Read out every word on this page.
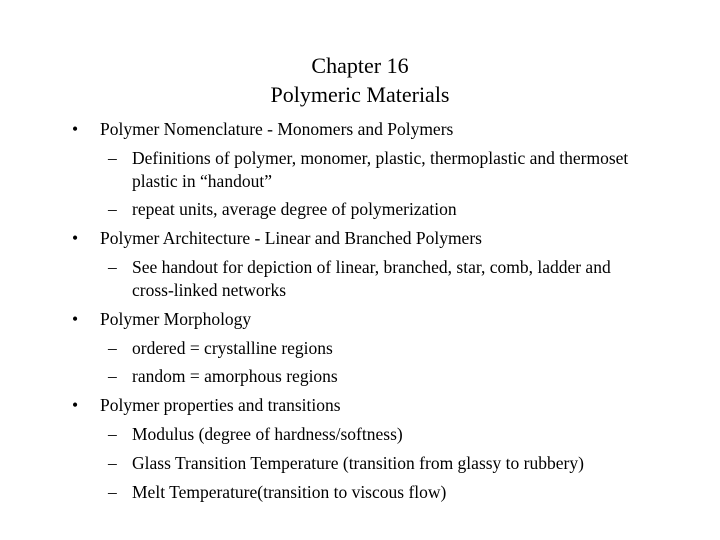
Chapter 16
Polymeric Materials
• Polymer Nomenclature - Monomers and Polymers
– Definitions of polymer, monomer, plastic, thermoplastic and thermoset plastic in “handout”
– repeat units, average degree of polymerization
• Polymer Architecture - Linear and Branched Polymers
– See handout for depiction of linear, branched, star, comb, ladder and cross-linked networks
• Polymer Morphology
– ordered = crystalline regions
– random = amorphous regions
• Polymer properties and transitions
– Modulus (degree of hardness/softness)
– Glass Transition Temperature (transition from glassy to rubbery)
– Melt Temperature(transition to viscous flow)
